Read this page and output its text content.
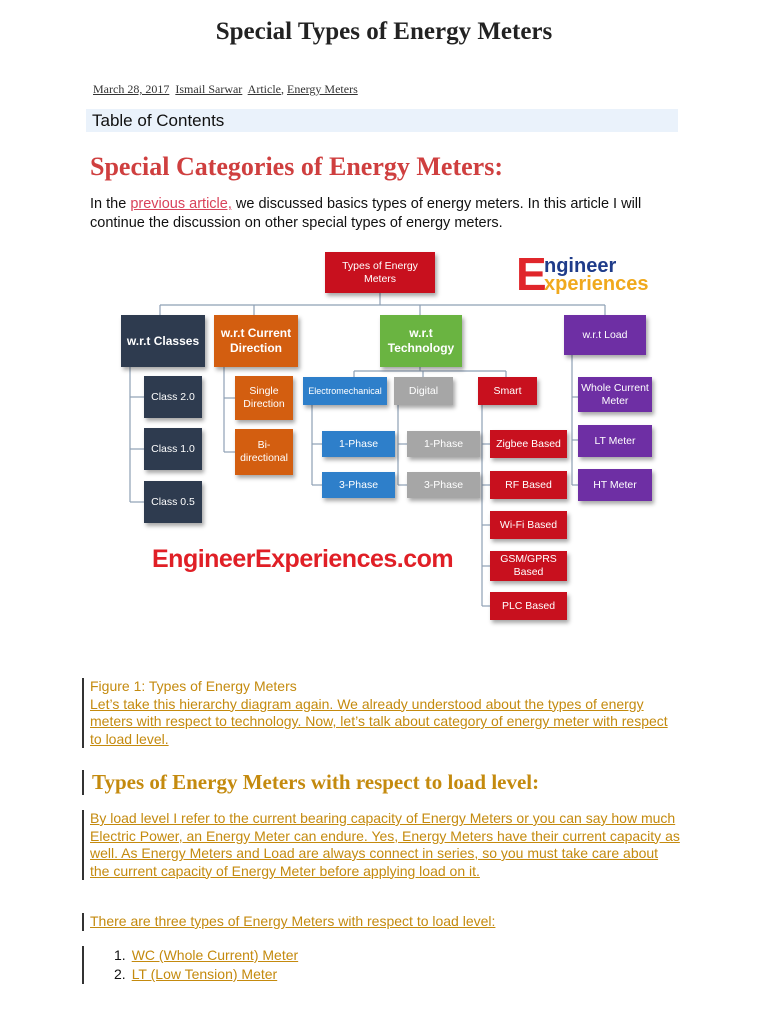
Special Types of Energy Meters
March 28, 2017 Ismail Sarwar Article, Energy Meters
Table of Contents
Special Categories of Energy Meters:
In the previous article, we discussed basics types of energy meters. In this article I will continue the discussion on other special types of energy meters.
Types of Energy Meters	E
ngineer
xperiences
w.r.t Classes
w.r.t Current Direction
w.r.t Technology
w.r.t Load
Class 2.0
Class 1.0
Class 0.5
Single Direction
Bi-directional
Electromechanical	Digital	Smart
1-Phase
3-Phase
1-Phase
3-Phase
Zigbee Based
RF Based
Wi-Fi Based
GSM/GPRS Based
PLC Based
Whole Current Meter
LT Meter
HT Meter
EngineerExperiences.com
Figure 1: Types of Energy Meters
Let’s take this hierarchy diagram again. We already understood about the types of energy meters with respect to technology. Now, let’s talk about category of energy meter with respect to load level.
Types of Energy Meters with respect to load level:
By load level I refer to the current bearing capacity of Energy Meters or you can say how much Electric Power, an Energy Meter can endure. Yes, Energy Meters have their current capacity as well. As Energy Meters and Load are always connect in series, so you must take care about the current capacity of Energy Meter before applying load on it.
There are three types of Energy Meters with respect to load level:
1. WC (Whole Current) Meter
2. LT (Low Tension) Meter
